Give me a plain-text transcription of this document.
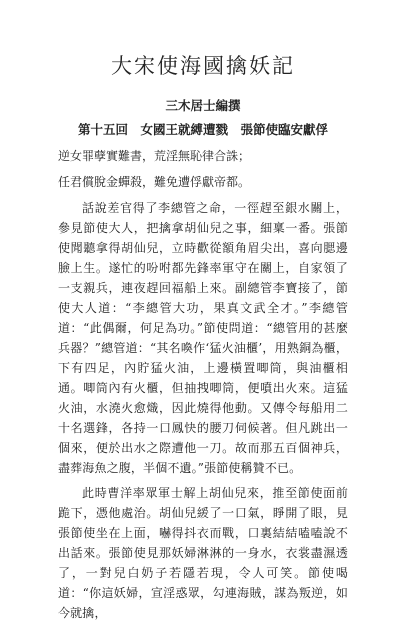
大宋使海國擒妖記
三木居士編撰
第十五回　女國王就縛遭戮　張節使臨安獻俘
逆女罪孽實難書，荒淫無恥律合誅；
任君償脫金蟬殺，難免遭俘獻帝都。

話說差官得了李總管之命，一徑趕至銀水關上，參見節使大人，把擒拿胡仙兒之事，細稟一番。張節使聞聽拿得胡仙兒，立時歡從額角眉尖出，喜向腮邊臉上生。遂忙的吩咐都先鋒率軍守在關上，自家領了一支親兵，連夜趕回福船上來。副總管李寶接了，節使大人道：“李總管大功，果真文武全才。”李總管道：“此偶爾，何足為功。”節使問道：“總管用的甚麼兵器？”總管道：“其名喚作‘猛火油櫃’，用熟銅為櫃，下有四足，內貯猛火油，上邊橫置唧筒，與油櫃相通。唧筒內有火櫃，但抽拽唧筒，便噴出火來。這猛火油，水澆火愈熾，因此燒得他動。又傳令每船用二十名選鋒，各持一口鳳快的腰刀伺候著。但凡跳出一個來，便於出水之際遭他一刀。故而那五百個神兵，盡葬海魚之腹，半個不遺。”張節使稱贊不已。

此時曹洋率眾軍士解上胡仙兒來，推至節使面前跪下，憑他處治。胡仙兒緩了一口氣，睜開了眼，見張節使坐在上面，嚇得抖衣而戰，口裏結結嗑嗑說不出話來。張節使見那妖婦淋淋的一身水，衣裳盡濕透了，一對兒白奶子若隱若現，令人可笑。節使喝道：“你這妖婦，宣淫惑眾，勾連海賊，謀為叛逆，如今就擒，
